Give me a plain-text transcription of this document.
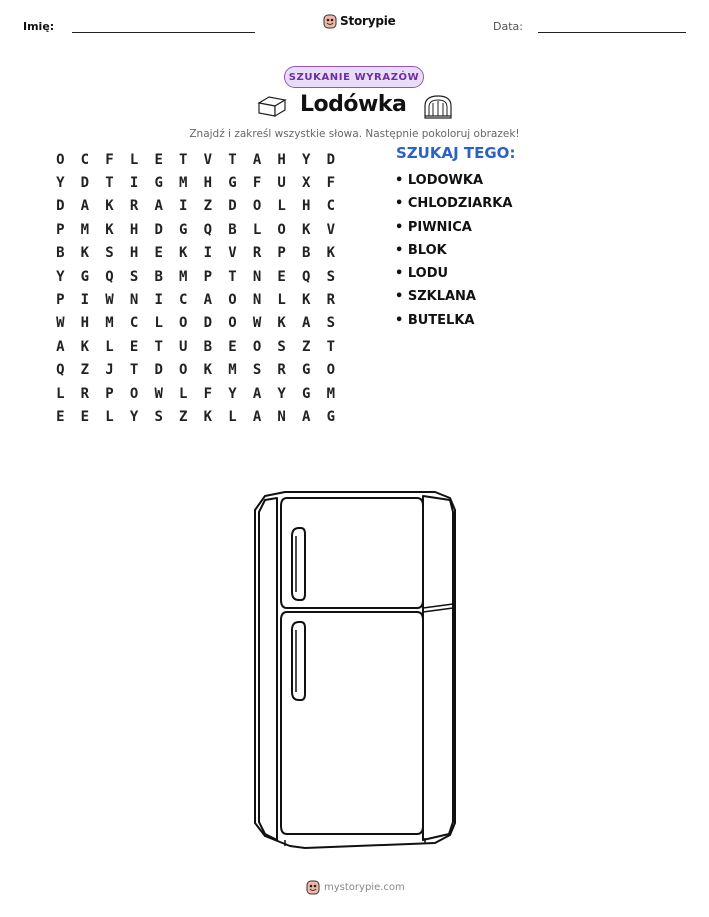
Imię:	Storypie	Data:
SZUKANIE WYRAZÓW
Lodówka
Znajdź i zakreśl wszystkie słowa. Następnie pokoloruj obrazek!
O	C	F	L	E	T	V	T	A	H	Y	D
Y	D	T	I	G	M	H	G	F	U	X	F
D	A	K	R	A	I	Z	D	O	L	H	C
P	M	K	H	D	G	Q	B	L	O	K	V
B	K	S	H	E	K	I	V	R	P	B	K
Y	G	Q	S	B	M	P	T	N	E	Q	S
P	I	W	N	I	C	A	O	N	L	K	R
W	H	M	C	L	O	D	O	W	K	A	S
A	K	L	E	T	U	B	E	O	S	Z	T
Q	Z	J	T	D	O	K	M	S	R	G	O
L	R	P	O	W	L	F	Y	A	Y	G	M
E	E	L	Y	S	Z	K	L	A	N	A	G
SZUKAJ TEGO:
• LODOWKA
• CHLODZIARKA
• PIWNICA
• BLOK
• LODU
• SZKLANA
• BUTELKA
mystorypie.com
